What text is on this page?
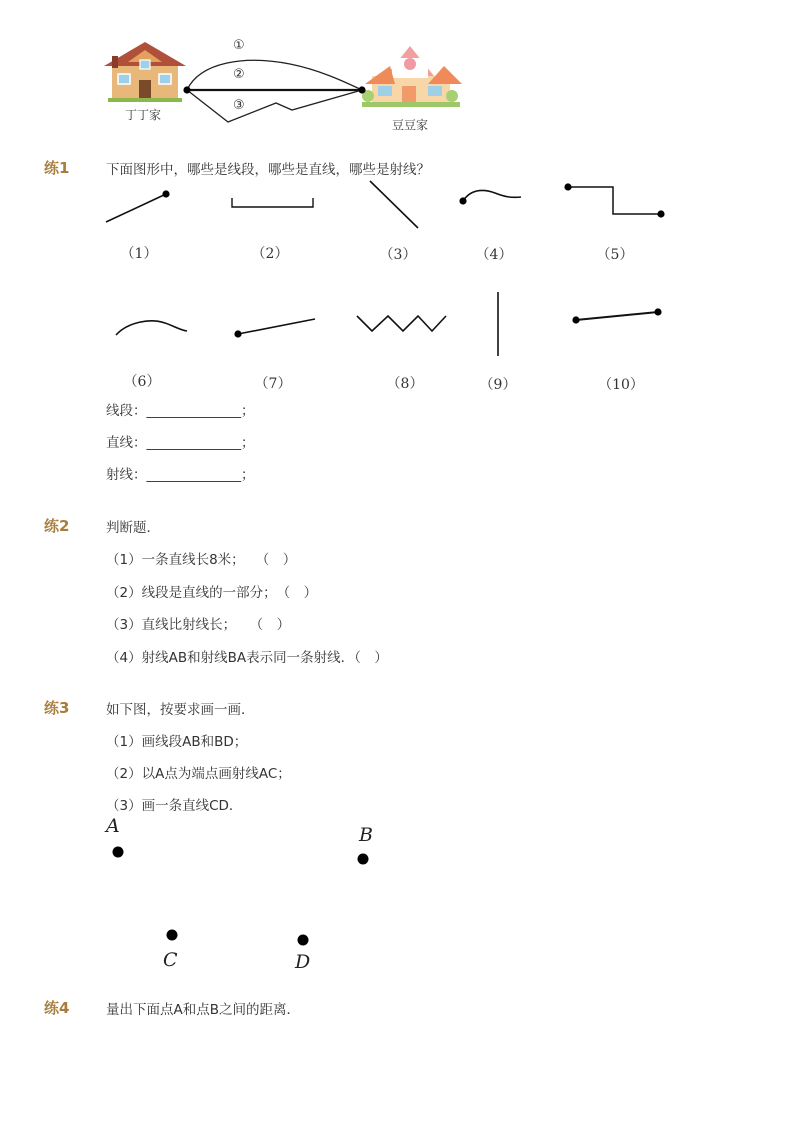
①
②
③
丁丁家
豆豆家
练1	下面图形中，哪些是线段，哪些是直线，哪些是射线？
（1）	（2）	（3）	（4）	（5）
（6）	（7）	（8）	（9）	（10）
线段：______________；
直线：______________；
射线：______________；
练2	判断题．
（1）一条直线长8米；　 （　）
（2）线段是直线的一部分；　（　）
（3）直线比射线长；　　（　）
（4）射线AB和射线BA表示同一条射线．（　）
练3	如下图，按要求画一画．
（1）画线段AB和BD；
（2）以A点为端点画射线AC；
（3）画一条直线CD．
A	B
C	D
练4	量出下面点A和点B之间的距离．
